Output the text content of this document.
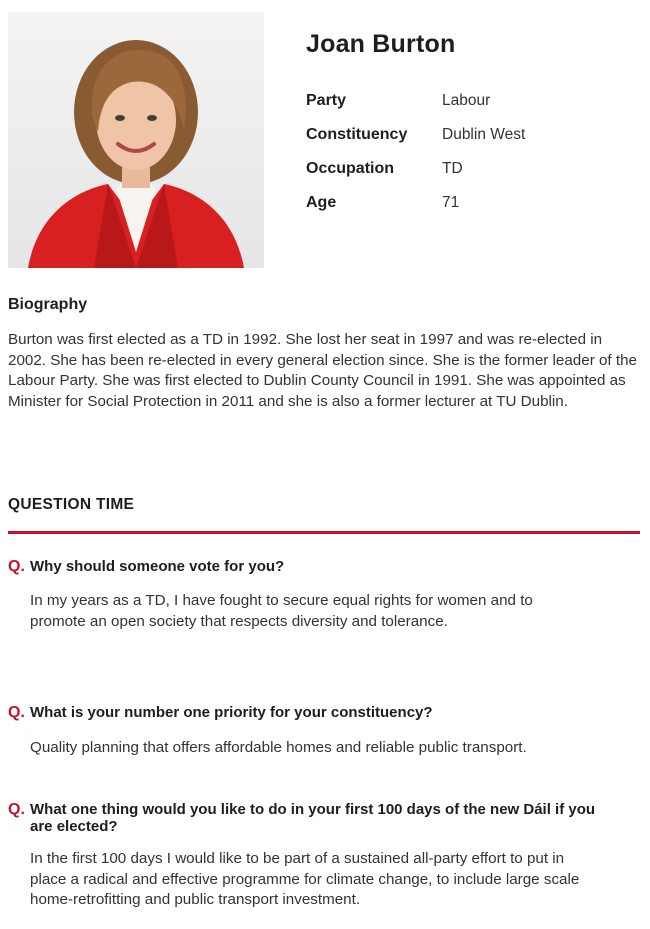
Joan Burton
Party	Labour
Constituency	Dublin West
Occupation	TD
Age	71
Biography

Burton was first elected as a TD in 1992. She lost her seat in 1997 and was re-elected in 2002. She has been re-elected in every general election since. She is the former leader of the Labour Party. She was first elected to Dublin County Council in 1991. She was appointed as Minister for Social Protection in 2011 and she is also a former lecturer at TU Dublin.

QUESTION TIME
Q. Why should someone vote for you?

In my years as a TD, I have fought to secure equal rights for women and to promote an open society that respects diversity and tolerance.

Q. What is your number one priority for your constituency?

Quality planning that offers affordable homes and reliable public transport.

Q. What one thing would you like to do in your first 100 days of the new Dáil if you are elected?

In the first 100 days I would like to be part of a sustained all-party effort to put in place a radical and effective programme for climate change, to include large scale home-retrofitting and public transport investment.
